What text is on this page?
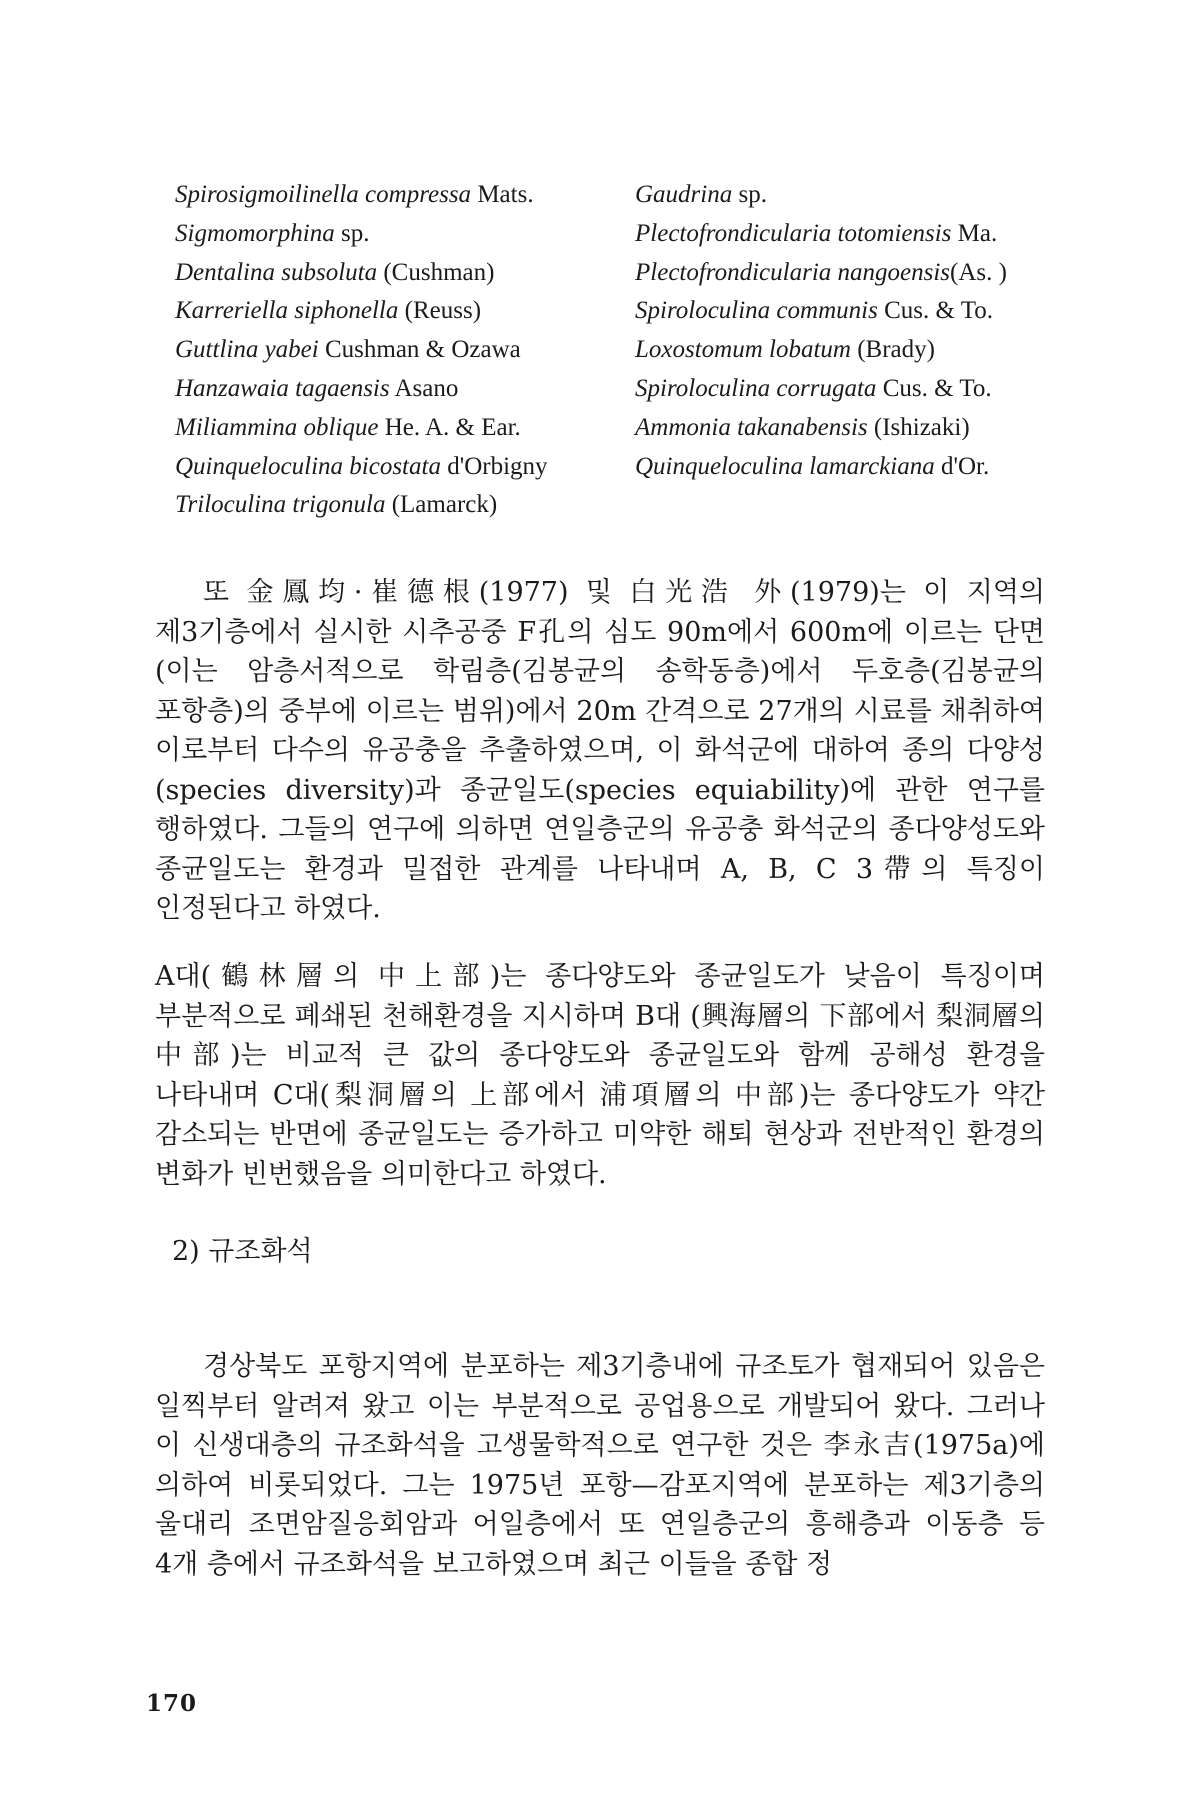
Spirosigmoilinella compressa Mats.
Sigmomorphina sp.
Dentalina subsoluta (Cushman)
Karreriella siphonella (Reuss)
Guttlina yabei Cushman & Ozawa
Hanzawaia tagaensis Asano
Miliammina oblique He. A. & Ear.
Quinqueloculina bicostata d'Orbigny
Triloculina trigonula (Lamarck)
Gaudrina sp.
Plectofrondicularia totomiensis Ma.
Plectofrondicularia nangoensis(As. )
Spiroloculina communis Cus. & To.
Loxostomum lobatum (Brady)
Spiroloculina corrugata Cus. & To.
Ammonia takanabensis (Ishizaki)
Quinqueloculina lamarckiana d'Or.

또 金鳳均·崔德根(1977) 및 白光浩 外(1979)는 이 지역의 제3기층에서 실시한 시추공중 F孔의 심도 90m에서 600m에 이르는 단면(이는 암층서적으로 학림층(김봉균의 송학동층)에서 두호층(김봉균의 포항층)의 중부에 이르는 범위)에서 20m 간격으로 27개의 시료를 채취하여 이로부터 다수의 유공충을 추출하였으며, 이 화석군에 대하여 종의 다양성 (species diversity)과 종균일도(species equiability)에 관한 연구를 행하였다. 그들의 연구에 의하면 연일층군의 유공충 화석군의 종다양성도와 종균일도는 환경과 밀접한 관계를 나타내며 A, B, C 3帶의 특징이 인정된다고 하였다.

A대(鶴林層의 中上部)는 종다양도와 종균일도가 낮음이 특징이며 부분적으로 폐쇄된 천해환경을 지시하며 B대 (興海層의 下部에서 梨洞層의 中部)는 비교적 큰 값의 종다양도와 종균일도와 함께 공해성 환경을 나타내며 C대(梨洞層의 上部에서 浦項層의 中部)는 종다양도가 약간 감소되는 반면에 종균일도는 증가하고 미약한 해퇴 현상과 전반적인 환경의 변화가 빈번했음을 의미한다고 하였다.

2) 규조화석

경상북도 포항지역에 분포하는 제3기층내에 규조토가 협재되어 있음은 일찍부터 알려져 왔고 이는 부분적으로 공업용으로 개발되어 왔다. 그러나 이 신생대층의 규조화석을 고생물학적으로 연구한 것은 李永吉(1975a)에 의하여 비롯되었다. 그는 1975년 포항—감포지역에 분포하는 제3기층의 울대리 조면암질응회암과 어일층에서 또 연일층군의 흥해층과 이동층 등 4개 층에서 규조화석을 보고하였으며 최근 이들을 종합 정

170
